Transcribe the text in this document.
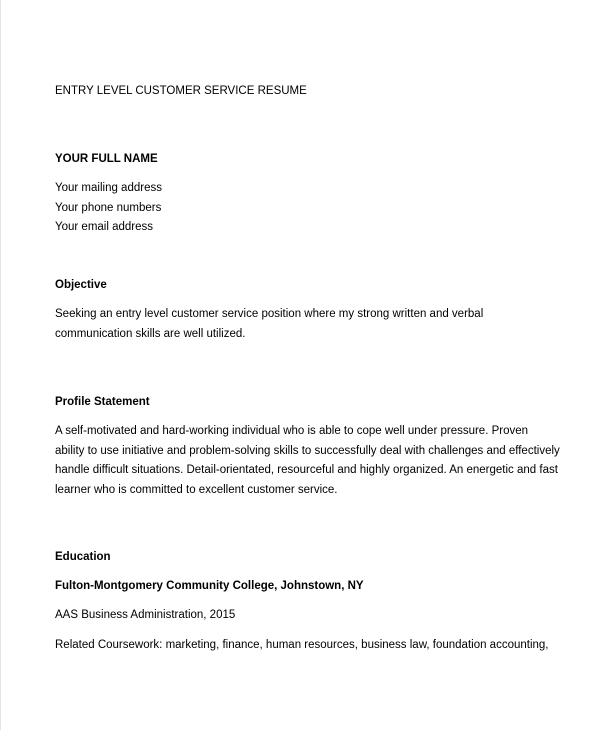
ENTRY LEVEL CUSTOMER SERVICE RESUME
YOUR FULL NAME
Your mailing address
Your phone numbers
Your email address
Objective
Seeking an entry level customer service position where my strong written and verbal
communication skills are well utilized.
Profile Statement
A self-motivated and hard-working individual who is able to cope well under pressure. Proven
ability to use initiative and problem-solving skills to successfully deal with challenges and effectively
handle difficult situations. Detail-orientated, resourceful and highly organized. An energetic and fast
learner who is committed to excellent customer service.
Education
Fulton-Montgomery Community College, Johnstown, NY
AAS Business Administration, 2015
Related Coursework: marketing, finance, human resources, business law, foundation accounting,
